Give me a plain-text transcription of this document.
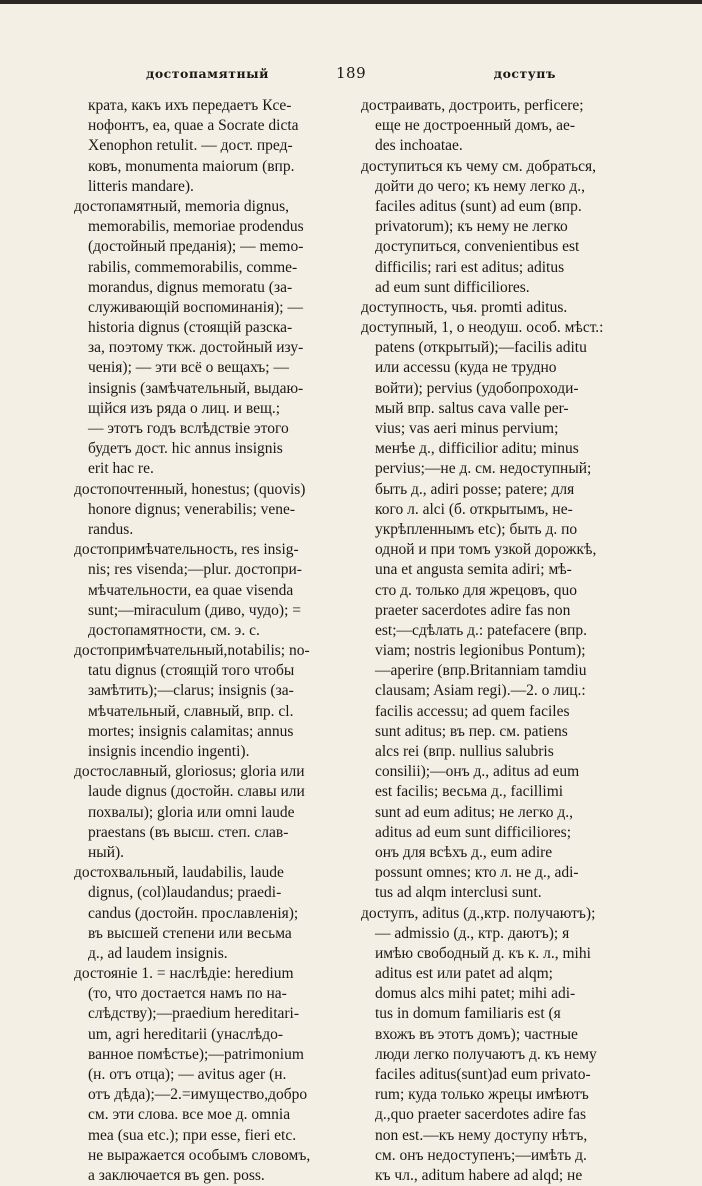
достопамятный	189	доступъ
крата, какъ ихъ передаетъ Кce-
нофонтъ, ea, quae a Socrate dicta
Xenophon retulit. — дост. пред-
ковъ, monumenta maiorum (впр.
litteris mandare).
достопамятный, memoria dignus,
memorabilis, memoriae prodendus
(достойный преданія); — memo-
rabilis, commemorabilis, comme-
morandus, dignus memoratu (за-
служивающій воспоминанія); —
historia dignus (стоящій разска-
за, поэтому ткж. достойный изу-
ченія); — эти всё о вещахъ; —
insignis (замѣчательный, выдаю-
щійся изъ ряда о лиц. и вещ.;
— этотъ годъ вслѣдствіе этого
будетъ дост. hic annus insignis
erit hac re.
достопочтенный, honestus; (quovis)
honore dignus; venerabilis; vene-
randus.
достопримѣчательность, res insig-
nis; res visenda;—plur. достопри-
мѣчательности, ea quae visenda
sunt;—miraculum (диво, чудо); =
достопамятности, см. э. с.
достопримѣчательный,notabilis; no-
tatu dignus (стоящій того чтобы
замѣтить);—clarus; insignis (за-
мѣчательный, славный, впр. cl.
mortes; insignis calamitas; annus
insignis incendio ingenti).
достославный, gloriosus; gloria или
laude dignus (достойн. славы или
похвалы); gloria или omni laude
praestans (въ высш. степ. слав-
ный).
достохвальный, laudabilis, laude
dignus, (col)laudandus; praedi-
candus (достойн. прославленія);
въ высшей степени или весьма
д., ad laudem insignis.
достояніе 1. = наслѣдіе: heredium
(то, что достается намъ по на-
слѣдству);—praedium hereditari-
um, agri hereditarii (унаслѣдо-
ванное помѣстье);—patrimonium
(н. отъ отца); — avitus ager (н.
отъ дѣда);—2.=имущество,добро
см. эти слова. все мое д. omnia
mea (sua etc.); при esse, fieri etc.
не выражается особымъ словомъ,
а заключается въ gen. poss.
достраивать, достроить, perficere;
еще не достроенный домъ, ae-
des inchoatae.
доступиться къ чему см. добраться,
дойти до чего; къ нему легко д.,
faciles aditus (sunt) ad eum (впр.
privatorum); къ нему не легко
доступиться, convenientibus est
difficilis; rari est aditus; aditus
ad eum sunt difficiliores.
доступность, чья. promti aditus.
доступный, 1, о неодуш. особ. мѣст.:
patens (открытый);—facilis aditu
или accessu (куда не трудно
войти); pervius (удобопроходи-
мый впр. saltus cava valle per-
vius; vas aeri minus pervium;
менѣе д., difficilior aditu; minus
pervius;—не д. см. недоступный;
быть д., adiri posse; patere; для
кого л. alci (б. открытымъ, не-
укрѣпленнымъ etc); быть д. по
одной и при томъ узкой дорожкѣ,
una et angusta semita adiri; мѣ-
сто д. только для жрецовъ, quo
praeter sacerdotes adire fas non
est;—сдѣлать д.: patefacere (впр.
viam; nostris legionibus Pontum);
—aperire (впр.Britanniam tamdiu
clausam; Asiam regi).—2. о лиц.:
facilis accessu; ad quem faciles
sunt aditus; въ пер. см. patiens
alcs rei (впр. nullius salubris
consilii);—онъ д., aditus ad eum
est facilis; весьма д., facillimi
sunt ad eum aditus; не легко д.,
aditus ad eum sunt difficiliores;
онъ для всѣхъ д., eum adire
possunt omnes; кто л. не д., adi-
tus ad alqm interclusi sunt.
доступъ, aditus (д.,ктр. получаютъ);
— admissio (д., ктр. даютъ); я
имѣю свободный д. къ к. л., mihi
aditus est или patet ad alqm;
domus alcs mihi patet; mihi adi-
tus in domum familiaris est (я
вхожъ въ этотъ домъ); частные
люди легко получаютъ д. къ нему
faciles aditus(sunt)ad eum privato-
rum; куда только жрецы имѣютъ
д.,quo praeter sacerdotes adire fas
non est.—къ нему доступу нѣтъ,
см. онъ недоступенъ;—имѣть д.
къ чл., aditum habere ad alqd; не
